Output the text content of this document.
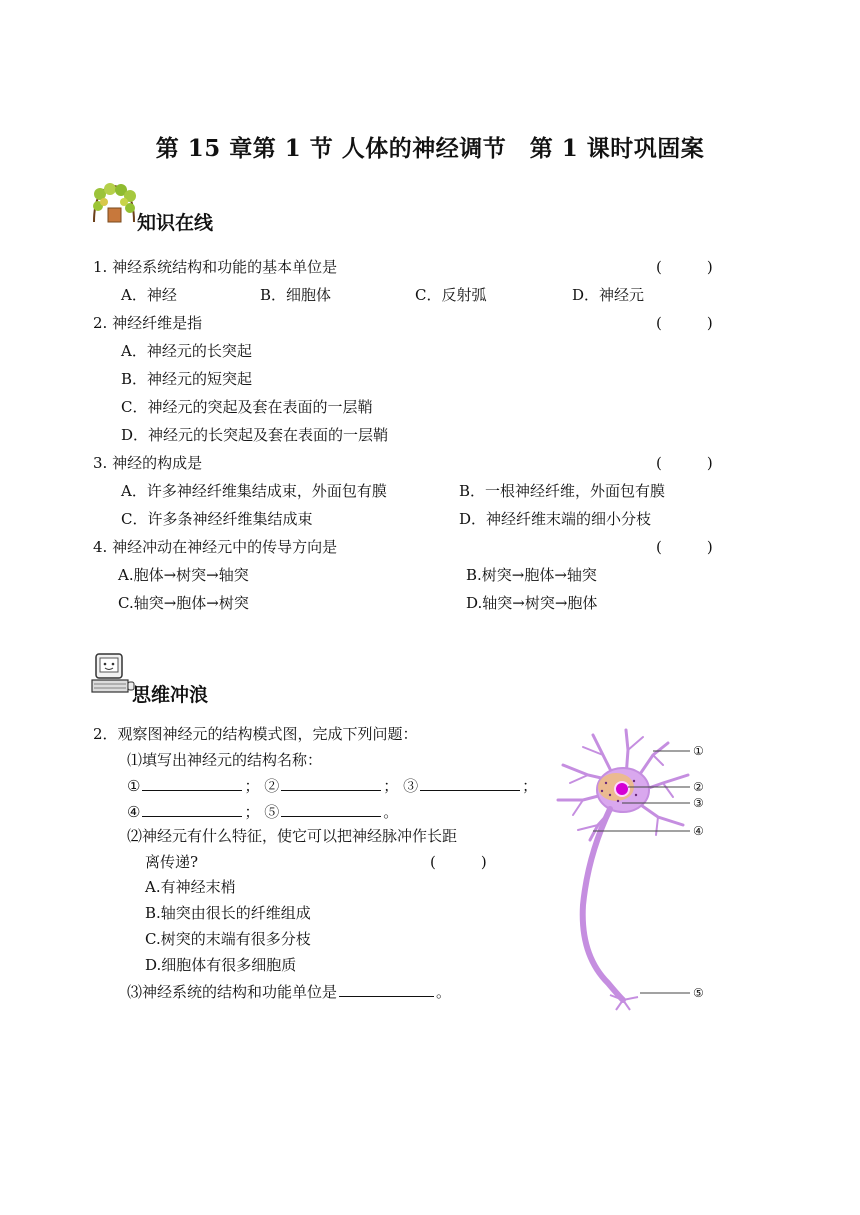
第 15 章第 1 节 人体的神经调节　第 1 课时巩固案
知识在线
1. 神经系统结构和功能的基本单位是	(　　　)
A．神经	B．细胞体	C．反射弧	D．神经元
2. 神经纤维是指	(　　　)
A．神经元的长突起
B．神经元的短突起
C．神经元的突起及套在表面的一层鞘
D．神经元的长突起及套在表面的一层鞘
3. 神经的构成是	(　　　)
A．许多神经纤维集结成束，外面包有膜	B．一根神经纤维，外面包有膜
C．许多条神经纤维集结成束	D．神经纤维末端的细小分枝
4. 神经冲动在神经元中的传导方向是	(　　　)
A.胞体→树突→轴突	B.树突→胞体→轴突
C.轴突→胞体→树突	D.轴突→树突→胞体
思维冲浪
2．观察图神经元的结构模式图，完成下列问题：
⑴填写出神经元的结构名称：
①	； ②	； ③	；
④	； ⑤	。
⑵神经元有什么特征，使它可以把神经脉冲作长距
离传递?	(　　　)
A.有神经末梢
B.轴突由很长的纤维组成
C.树突的末端有很多分枝
D.细胞体有很多细胞质
⑶神经系统的结构和功能单位是	。
①
②
③
④
⑤
